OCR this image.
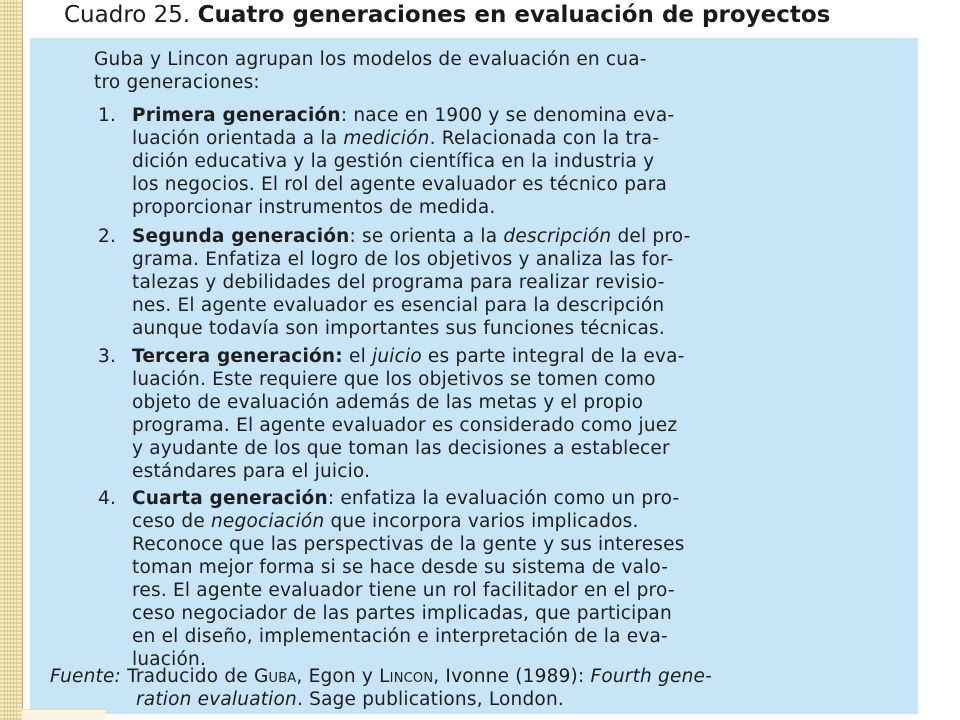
Cuadro 25. Cuatro generaciones en evaluación de proyectos
Guba y Lincon agrupan los modelos de evaluación en cua-
tro generaciones:
1. Primera generación: nace en 1900 y se denomina eva-
luación orientada a la medición. Relacionada con la tra-
dición educativa y la gestión científica en la industria y
los negocios. El rol del agente evaluador es técnico para
proporcionar instrumentos de medida.
2. Segunda generación: se orienta a la descripción del pro-
grama. Enfatiza el logro de los objetivos y analiza las for-
talezas y debilidades del programa para realizar revisio-
nes. El agente evaluador es esencial para la descripción
aunque todavía son importantes sus funciones técnicas.
3. Tercera generación: el juicio es parte integral de la eva-
luación. Este requiere que los objetivos se tomen como
objeto de evaluación además de las metas y el propio
programa. El agente evaluador es considerado como juez
y ayudante de los que toman las decisiones a establecer
estándares para el juicio.
4. Cuarta generación: enfatiza la evaluación como un pro-
ceso de negociación que incorpora varios implicados.
Reconoce que las perspectivas de la gente y sus intereses
toman mejor forma si se hace desde su sistema de valo-
res. El agente evaluador tiene un rol facilitador en el pro-
ceso negociador de las partes implicadas, que participan
en el diseño, implementación e interpretación de la eva-
luación.
Fuente: Traducido de Guba, Egon y Lincon, Ivonne (1989): Fourth gene-
ration evaluation. Sage publications, London.
